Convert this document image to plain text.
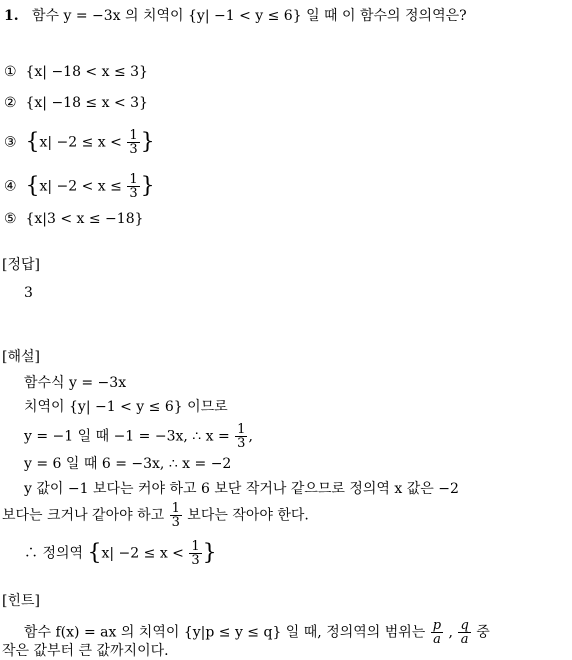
1. 함수 y = −3x 의 치역이 {y| −1 < y ≤ 6} 일 때 이 함수의 정의역은?
① {x| −18 < x ≤ 3}
② {x| −18 ≤ x < 3}
③ {$x| -2 \le x < \frac{1}{3}$ }
④ {$x| -2 < x \le \frac{1}{3}$ }
⑤ {x|3 < x ≤ −18}
[정답]
3
[해설]
함수식 y = −3x
치역이 {y| −1 < y ≤ 6} 이므로
y = −1 일 때 −1 = −3x, ∴ $x = \frac{1}{3}$ ,
y = 6 일 때 6 = −3x, ∴ x = −2
y 값이 −1 보다는 커야 하고 6 보단 작거나 같으므로 정의역 x 값은 −2
보다는 크거나 같아야 하고 $\frac{1}{3}$ 보다는 작아야 한다.
∴ 정의역 {$x| -2 \le x < \frac{1}{3}$ }
[힌트]
함수 f(x) = ax 의 치역이 {y|p ≤ y ≤ q} 일 때, 정의역의 범위는 $\frac{p}{a}$ , $\frac{q}{a}$ 중
작은 값부터 큰 값까지이다.
